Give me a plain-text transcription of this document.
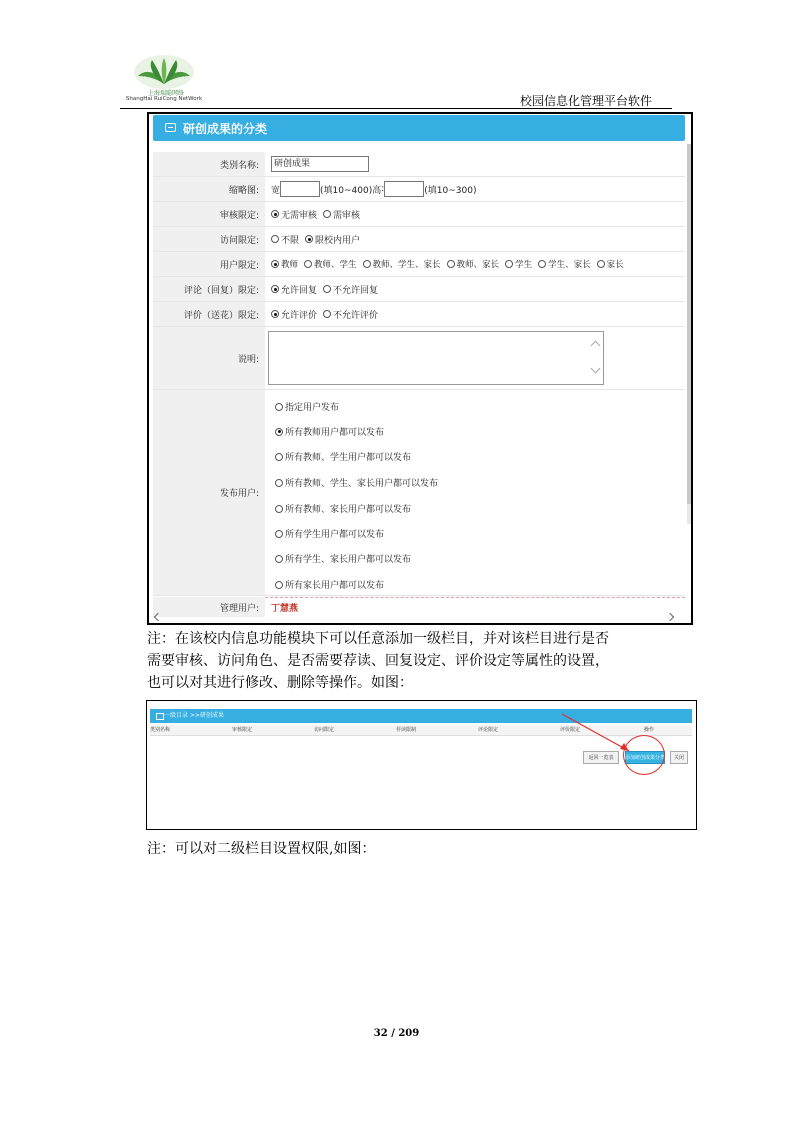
上海瑞聪网络
ShangHai RuiCong NetWork	校园信息化管理平台软件
研创成果的分类
类别名称:	研创成果
缩略图:	宽	(填10~400) 高 :	(填10~300)
审核限定:	无需审核 需审核
访问限定:	不限 限校内用户
用户限定:	教师 教师、学生 教师、学生、家长 教师、家长 学生 学生、家长 家长
评论（回复）限定:	允许回复 不允许回复
评价（送花）限定:	允许评价 不允许评价
说明:
发布用户:
指定用户发布
所有教师用户都可以发布
所有教师、学生用户都可以发布
所有教师、学生、家长用户都可以发布
所有教师、家长用户都可以发布
所有学生用户都可以发布
所有学生、家长用户都可以发布
所有家长用户都可以发布
管理用户:	丁慧燕
注：在该校内信息功能模块下可以任意添加一级栏目，并对该栏目进行是否
需要审核、访问角色、是否需要荐读、回复设定、评价设定等属性的设置，
也可以对其进行修改、删除等操作。如图：
一级目录 >>研创成果
类别名称	审核限定	访问限定	荐读限制	评论限定	评价限定	操作
返回一览表	添加研创成果分类	关闭
注：可以对二级栏目设置权限,如图：
32 / 209
